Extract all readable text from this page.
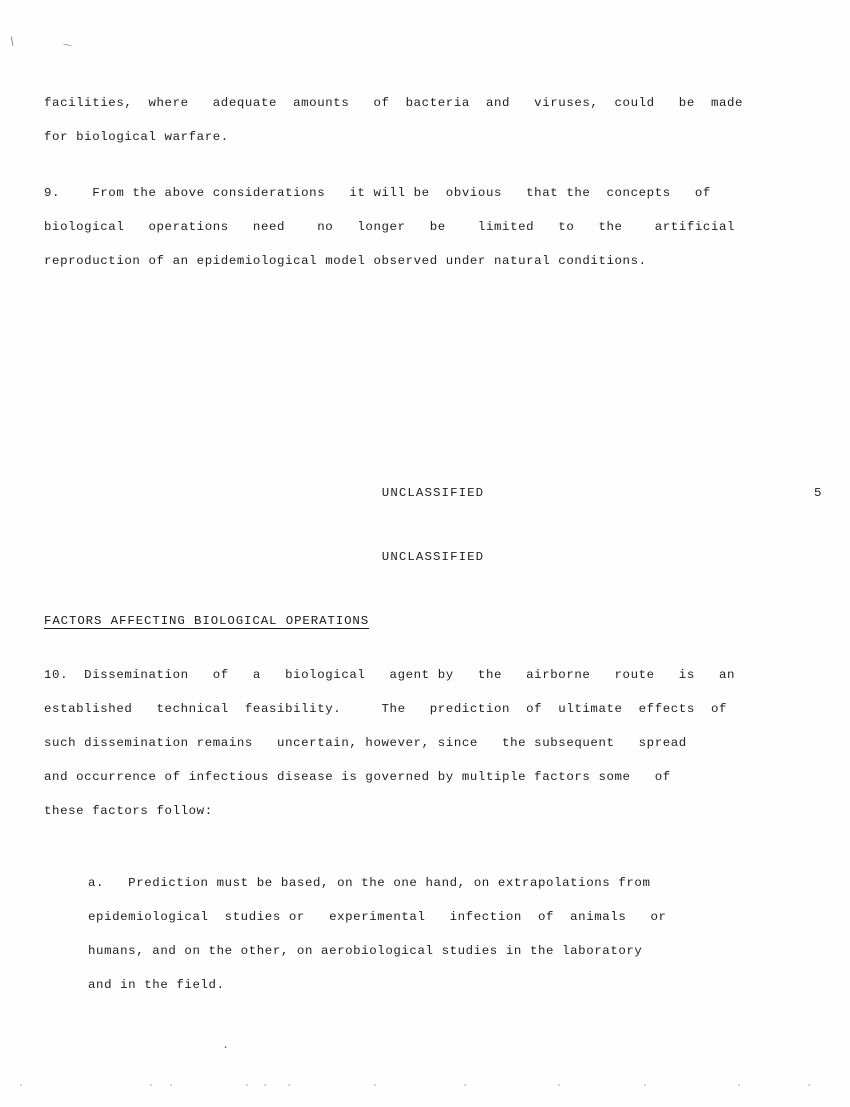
\	⁄
facilities,  where   adequate  amounts   of  bacteria  and   viruses,  could   be  made
for biological warfare.
9.    From the above considerations   it will be  obvious   that the  concepts   of
biological   operations   need    no   longer   be    limited   to   the    artificial
reproduction of an epidemiological model observed under natural conditions.
UNCLASSIFIED	5
UNCLASSIFIED
FACTORS AFFECTING BIOLOGICAL OPERATIONS
10.  Dissemination   of   a   biological   agent by   the   airborne   route   is   an
established   technical  feasibility.     The   prediction  of  ultimate  effects  of
such dissemination remains   uncertain, however, since   the subsequent   spread
and occurrence of infectious disease is governed by multiple factors some   of
these factors follow:
a.   Prediction must be based, on the one hand, on extrapolations from
epidemiological  studies or   experimental   infection  of  animals   or
humans, and on the other, on aerobiological studies in the laboratory
and in the field.
.
.	. .	. . .	.	.	.	.	.	.
